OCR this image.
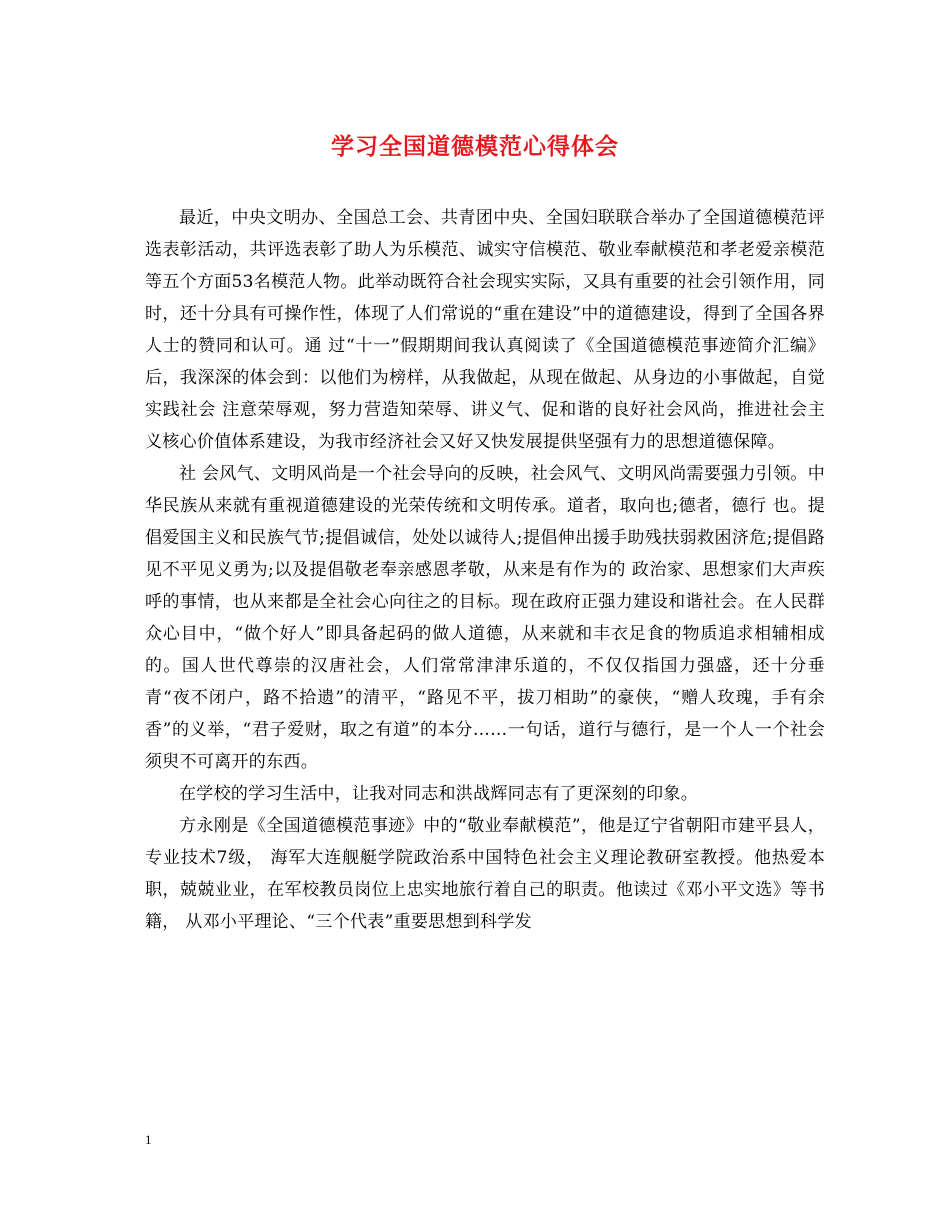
学习全国道德模范心得体会

最近，中央文明办、全国总工会、共青团中央、全国妇联联合举办了全国道德模范评选表彰活动，共评选表彰了助人为乐模范、诚实守信模范、敬业奉献模范和孝老爱亲模范等五个方面53名模范人物。此举动既符合社会现实实际，又具有重要的社会引领作用，同时，还十分具有可操作性，体现了人们常说的“重在建设”中的道德建设，得到了全国各界人士的赞同和认可。通 过“十一”假期期间我认真阅读了《全国道德模范事迹简介汇编》后，我深深的体会到：以他们为榜样，从我做起，从现在做起、从身边的小事做起，自觉实践社会 注意荣辱观，努力营造知荣辱、讲义气、促和谐的良好社会风尚，推进社会主义核心价值体系建设，为我市经济社会又好又快发展提供坚强有力的思想道德保障。

社 会风气、文明风尚是一个社会导向的反映，社会风气、文明风尚需要强力引领。中华民族从来就有重视道德建设的光荣传统和文明传承。道者，取向也;德者，德行 也。提倡爱国主义和民族气节;提倡诚信，处处以诚待人;提倡伸出援手助残扶弱救困济危;提倡路见不平见义勇为;以及提倡敬老奉亲感恩孝敬，从来是有作为的 政治家、思想家们大声疾呼的事情，也从来都是全社会心向往之的目标。现在政府正强力建设和谐社会。在人民群众心目中，“做个好人”即具备起码的做人道德，从来就和丰衣足食的物质追求相辅相成的。国人世代尊崇的汉唐社会，人们常常津津乐道的，不仅仅指国力强盛，还十分垂青“夜不闭户，路不拾遗”的清平，“路见不平，拔刀相助”的豪侠，“赠人玫瑰，手有余香”的义举，“君子爱财，取之有道”的本分……一句话，道行与德行，是一个人一个社会须臾不可离开的东西。

在学校的学习生活中，让我对同志和洪战辉同志有了更深刻的印象。

方永刚是《全国道德模范事迹》中的“敬业奉献模范”，他是辽宁省朝阳市建平县人，专业技术7级， 海军大连舰艇学院政治系中国特色社会主义理论教研室教授。他热爱本职，兢兢业业，在军校教员岗位上忠实地旅行着自己的职责。他读过《邓小平文选》等书籍， 从邓小平理论、“三个代表”重要思想到科学发

1
